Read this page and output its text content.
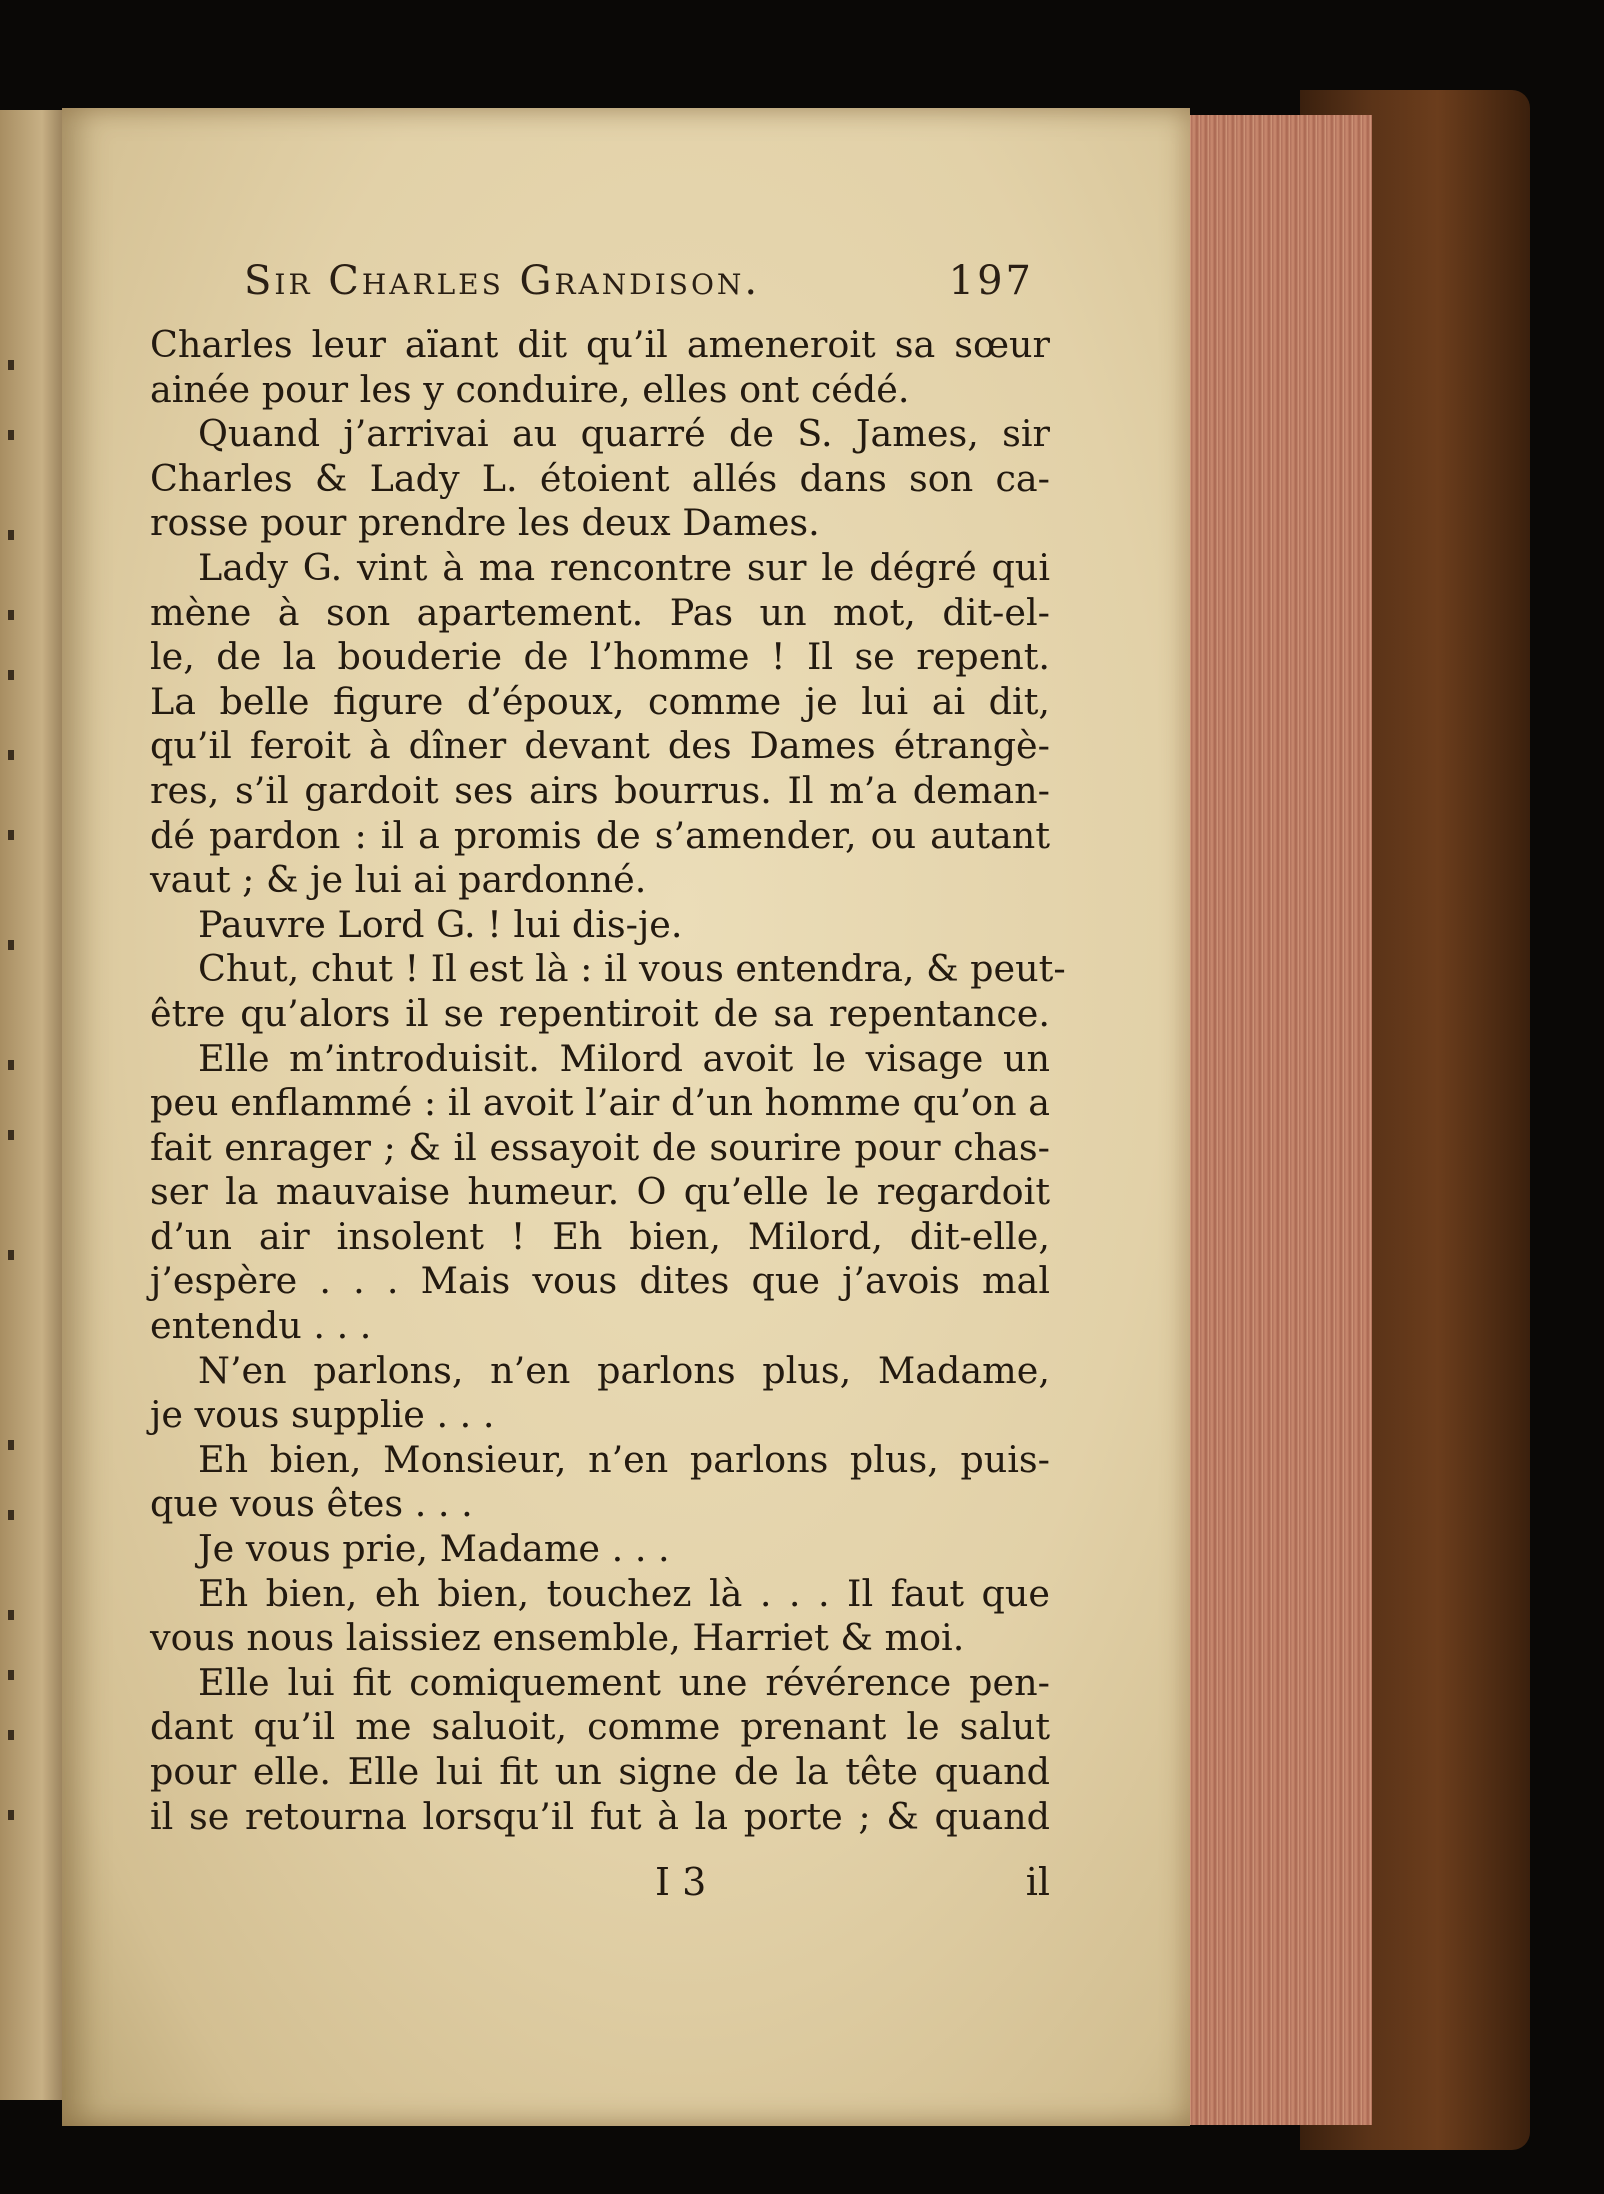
Sir Charles Grandison.	197
Charles leur aïant dit qu’il ameneroit sa sœur
ainée pour les y conduire, elles ont cédé.
Quand j’arrivai au quarré de S. James, sir
Charles & Lady L. étoient allés dans son ca-
rosse pour prendre les deux Dames.
Lady G. vint à ma rencontre sur le dégré qui
mène à son apartement. Pas un mot, dit-el-
le, de la bouderie de l’homme ! Il se repent.
La belle figure d’époux, comme je lui ai dit,
qu’il feroit à dîner devant des Dames étrangè-
res, s’il gardoit ses airs bourrus. Il m’a deman-
dé pardon : il a promis de s’amender, ou autant
vaut ; & je lui ai pardonné.
Pauvre Lord G. ! lui dis-je.
Chut, chut ! Il est là : il vous entendra, & peut-
être qu’alors il se repentiroit de sa repentance.
Elle m’introduisit. Milord avoit le visage un
peu enflammé : il avoit l’air d’un homme qu’on a
fait enrager ; & il essayoit de sourire pour chas-
ser la mauvaise humeur. O qu’elle le regardoit
d’un air insolent ! Eh bien, Milord, dit-elle,
j’espère . . . Mais vous dites que j’avois mal
entendu . . .
N’en parlons, n’en parlons plus, Madame,
je vous supplie . . .
Eh bien, Monsieur, n’en parlons plus, puis-
que vous êtes . . .
Je vous prie, Madame . . .
Eh bien, eh bien, touchez là . . . Il faut que
vous nous laissiez ensemble, Harriet & moi.
Elle lui fit comiquement une révérence pen-
dant qu’il me saluoit, comme prenant le salut
pour elle. Elle lui fit un signe de la tête quand
il se retourna lorsqu’il fut à la porte ; & quand
I 3	il
